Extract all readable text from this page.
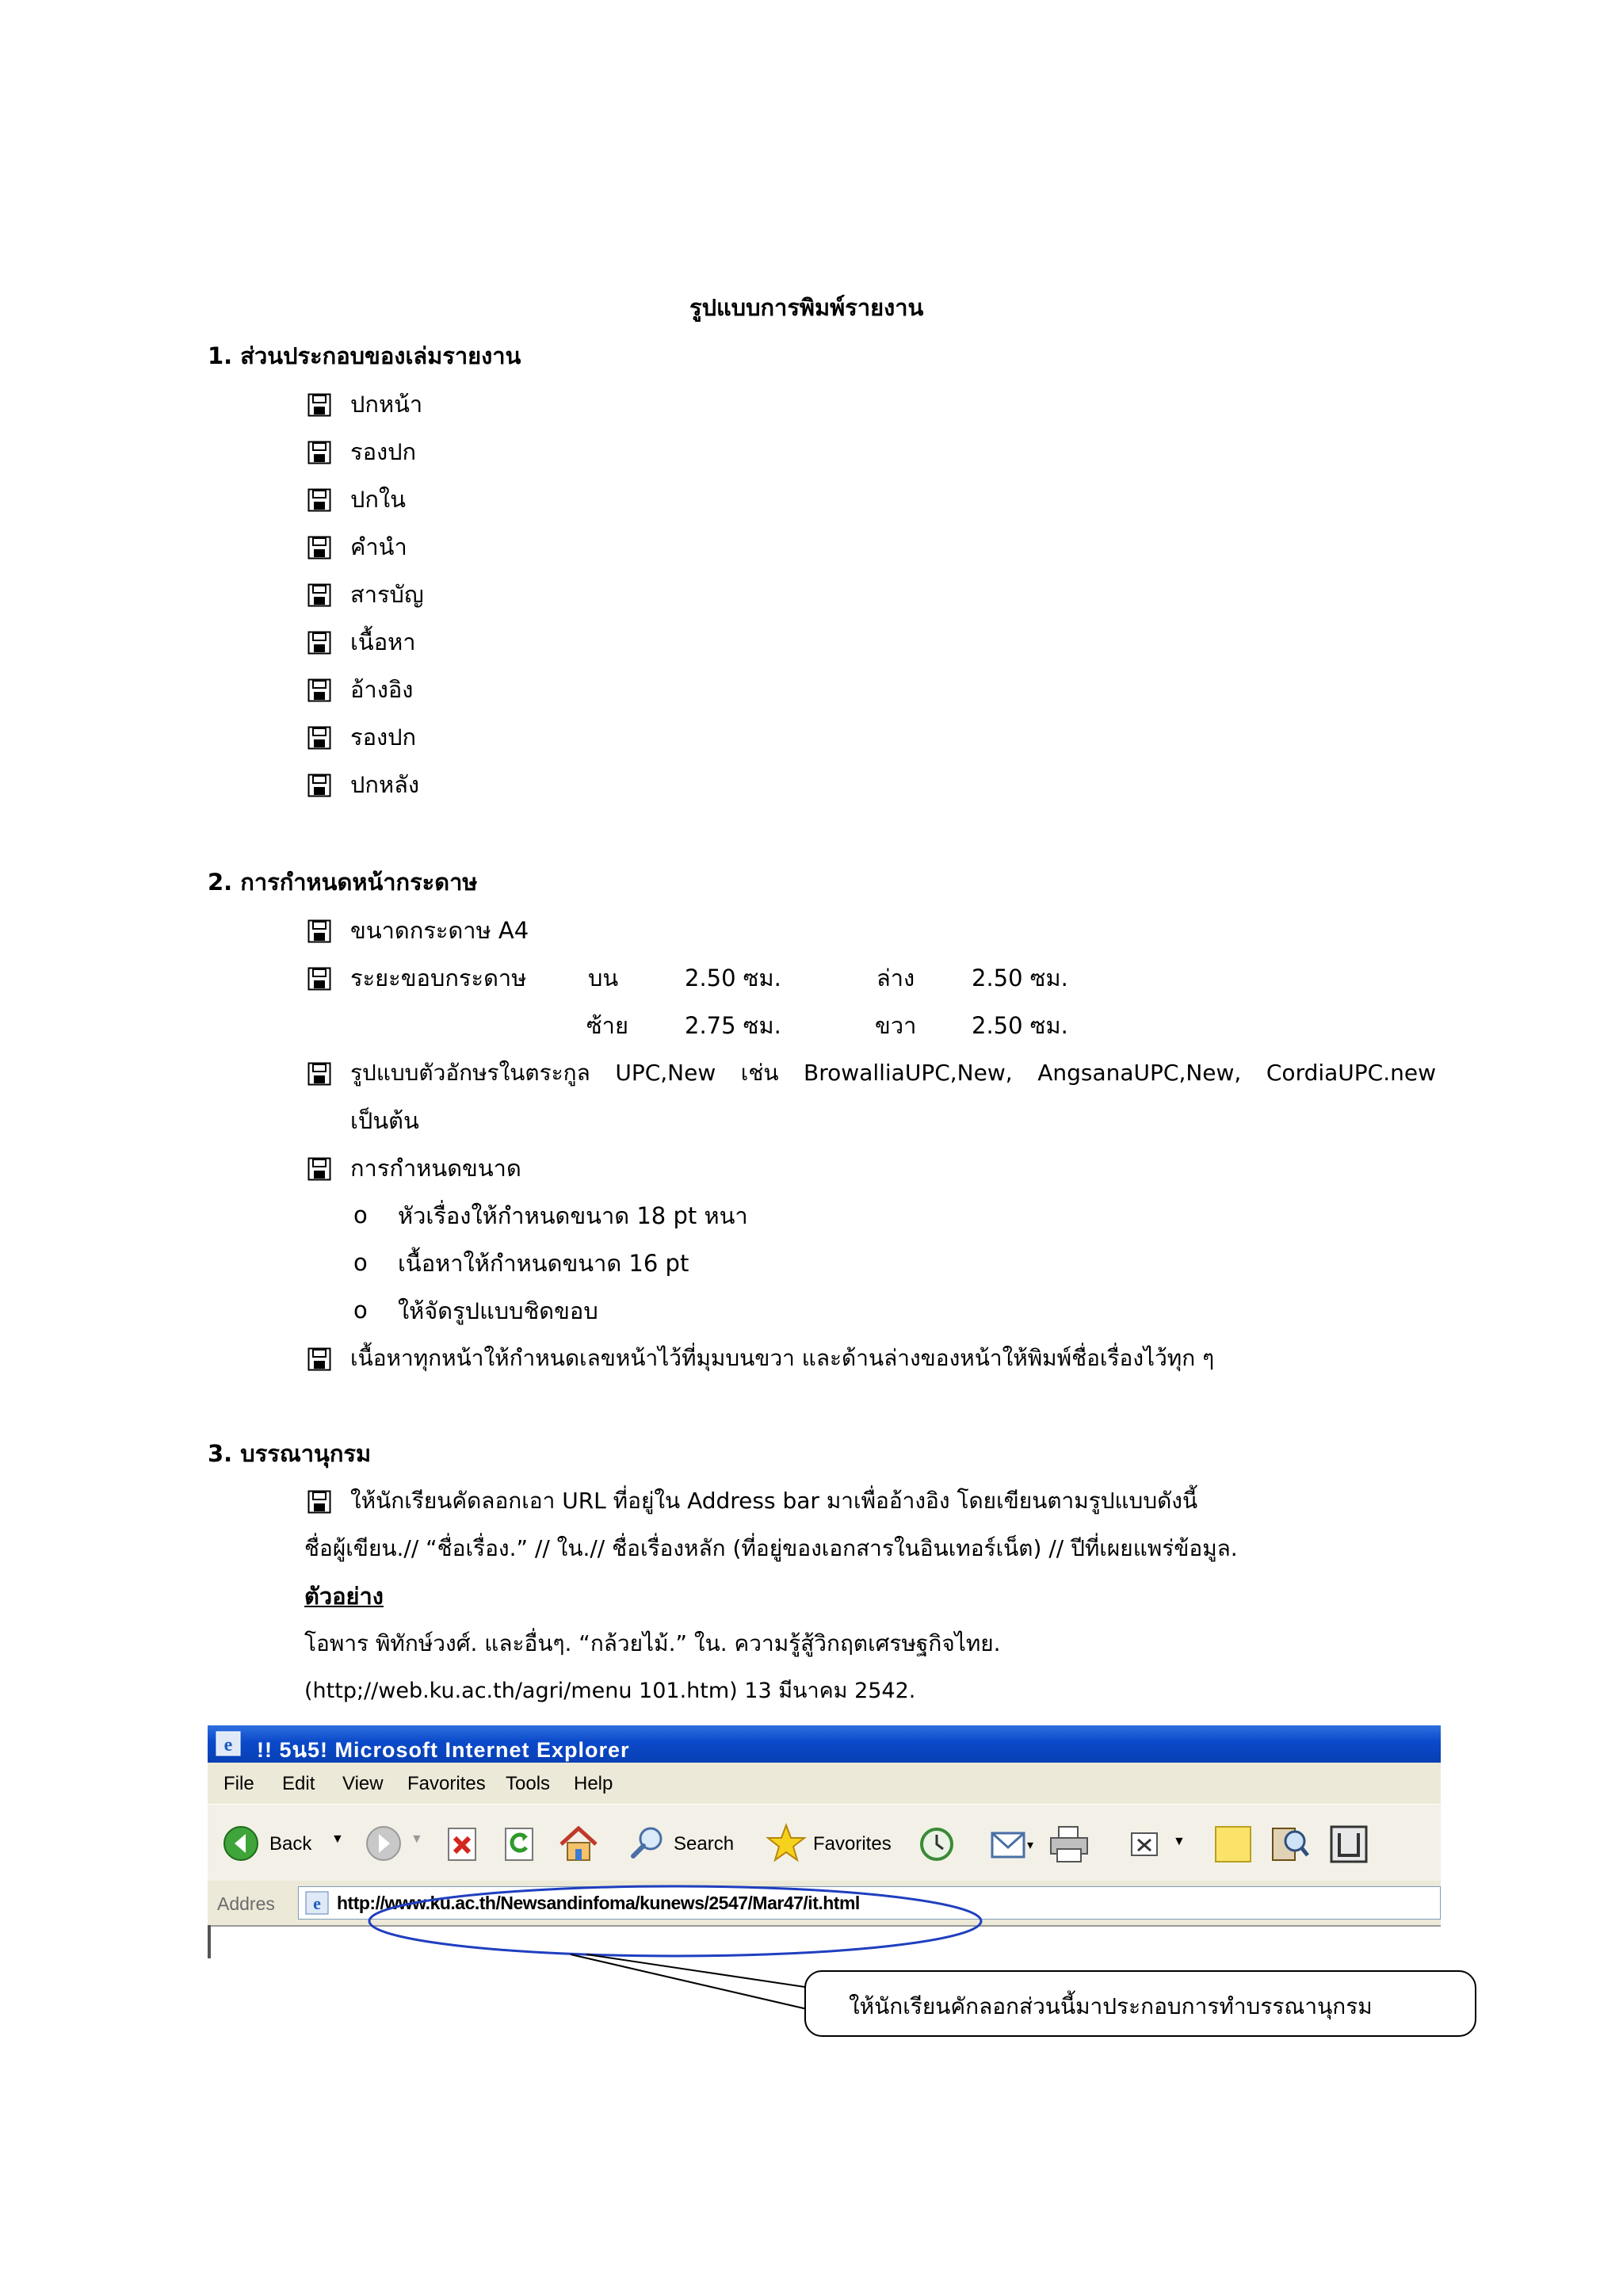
รูปแบบการพิมพ์รายงาน
1. ส่วนประกอบของเล่มรายงาน
ปกหน้า
รองปก
ปกใน
คำนำ
สารบัญ
เนื้อหา
อ้างอิง
รองปก
ปกหลัง
2. การกำหนดหน้ากระดาษ
ขนาดกระดาษ A4
ระยะขอบกระดาษ	บน	2.50 ซม.	ล่าง 2.50 ซม.
ซ้าย 2.75 ซม.	ขวา 2.50 ซม.
รูปแบบตัวอักษรในตระกูล UPC,New เช่น BrowalliaUPC,New, AngsanaUPC,New, CordiaUPC.new
เป็นต้น
การกำหนดขนาด
o หัวเรื่องให้กำหนดขนาด 18 pt หนา
o เนื้อหาให้กำหนดขนาด 16 pt
o ให้จัดรูปแบบชิดขอบ
เนื้อหาทุกหน้าให้กำหนดเลขหน้าไว้ที่มุมบนขวา และด้านล่างของหน้าให้พิมพ์ชื่อเรื่องไว้ทุก ๆ
3. บรรณานุกรม
ให้นักเรียนคัดลอกเอา URL ที่อยู่ใน Address bar มาเพื่ออ้างอิง โดยเขียนตามรูปแบบดังนี้
ชื่อผู้เขียน.// “ชื่อเรื่อง.” // ใน.// ชื่อเรื่องหลัก (ที่อยู่ของเอกสารในอินเทอร์เน็ต) // ปีที่เผยแพร่ข้อมูล.
ตัวอย่าง
โอพาร พิทักษ์วงศ์. และอื่นๆ. “กล้วยไม้.” ใน. ความรู้สู้วิกฤตเศรษฐกิจไทย.
(http;//web.ku.ac.th/agri/menu 101.htm) 13 มีนาคม 2542.
e !! 5น5! Microsoft Internet Explorer
File Edit View Favorites Tools Help
Back ▼	▼	Search	Favorites	▾	▼
Addres e http://www.ku.ac.th/Newsandinfoma/kunews/2547/Mar47/it.html
ให้นักเรียนคักลอกส่วนนี้มาประกอบการทำบรรณานุกรม
